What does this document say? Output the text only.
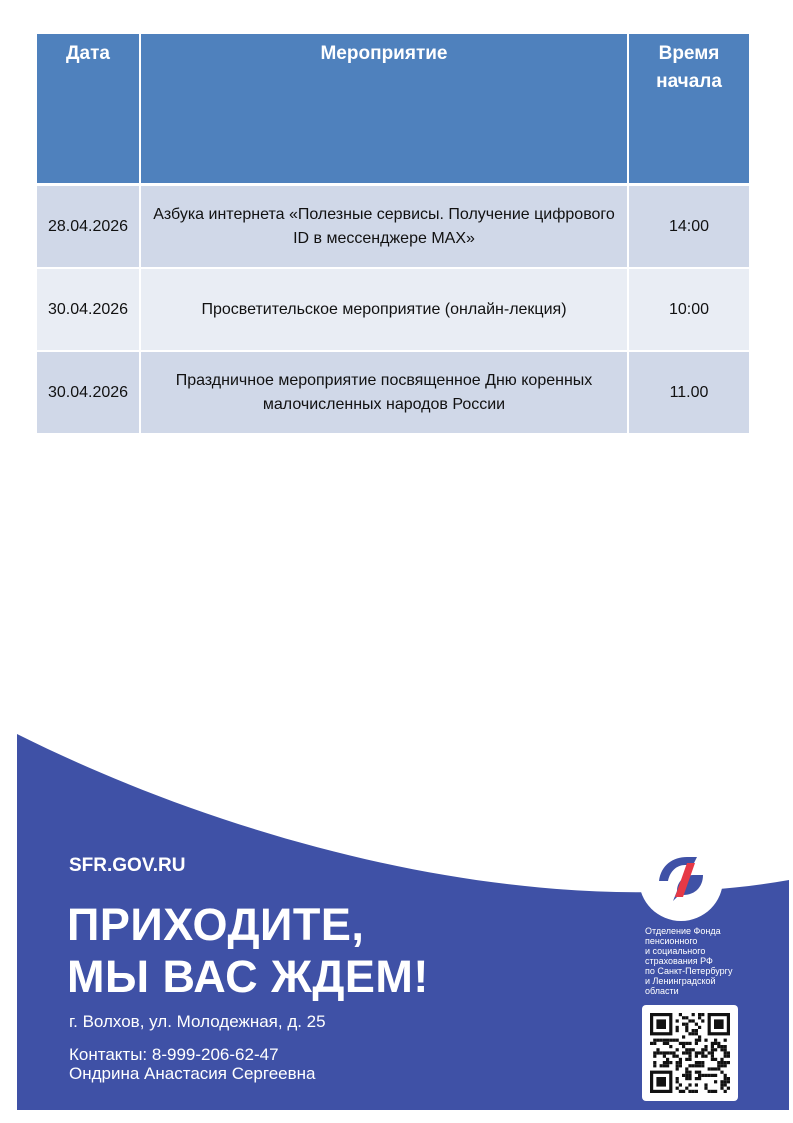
Дата	Мероприятие	Время начала
28.04.2026	Азбука интернета «Полезные сервисы. Получение цифрового ID в мессенджере MAX»	14:00
30.04.2026	Просветительское мероприятие (онлайн-лекция)	10:00
30.04.2026	Праздничное мероприятие посвященное Дню коренных малочисленных народов России	11.00
SFR.GOV.RU
ПРИХОДИТЕ,
МЫ ВАС ЖДЕМ!
г. Волхов, ул. Молодежная, д. 25
Контакты: 8-999-206-62-47
Ондрина Анастасия Сергеевна
Отделение Фонда
пенсионного
и социального
страхования РФ
по Санкт-Петербургу
и Ленинградской
области
